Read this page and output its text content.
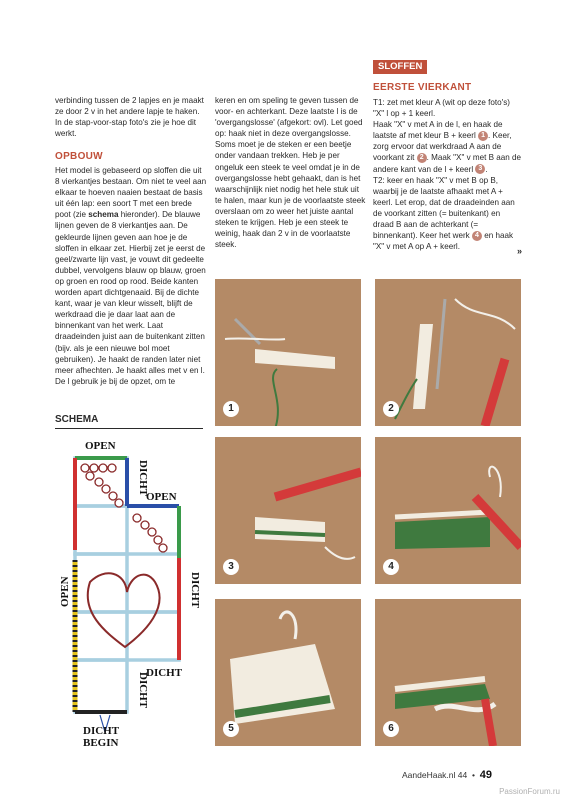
verbinding tussen de 2 lapjes en je maakt ze door 2 v in het andere lapje te haken. In de stap-voor-stap foto's zie je hoe dit werkt.

OPBOUW

Het model is gebaseerd op sloffen die uit 8 vierkantjes bestaan. Om niet te veel aan elkaar te hoeven naaien bestaat de basis uit één lap: een soort T met een brede poot (zie schema hieronder). De blauwe lijnen geven de 8 vierkantjes aan. De gekleurde lijnen geven aan hoe je de sloffen in elkaar zet. Hierbij zet je eerst de geel/zwarte lijn vast, je vouwt dit gedeelte dubbel, vervolgens blauw op blauw, groen op groen en rood op rood. Beide kanten worden apart dichtgenaaid. Bij de dichte kant, waar je van kleur wisselt, blijft de werkdraad die je daar laat aan de binnenkant van het werk. Laat draadeinden juist aan de buitenkant zitten (bijv. als je een nieuwe bol moet gebruiken). Je haakt de randen later niet meer afhechten. Je haakt alles met v en l. De l gebruik je bij de opzet, om te

keren en om speling te geven tussen de voor- en achterkant. Deze laatste l is de 'overgangslosse' (afgekort: ovl). Let goed op: haak niet in deze overgangslosse. Soms moet je de steken er een beetje onder vandaan trekken. Heb je per ongeluk een steek te veel omdat je in de overgangslosse hebt gehaakt, dan is het waarschijnlijk niet nodig het hele stuk uit te halen, maar kun je de voorlaatste steek overslaan om zo weer het juiste aantal steken te krijgen. Heb je een steek te weinig, haak dan 2 v in de voorlaatste steek.

SLOFFEN
EERSTE VIERKANT

T1: zet met kleur A (wit op deze foto's) "X" l op + 1 keerl.
Haak "X" v met A in de l, en haak de laatste af met kleur B + keerl 1 . Keer, zorg ervoor dat werkdraad A aan de voorkant zit 2 . Maak "X" v met B aan de andere kant van de l + keerl 3 .
T2: keer en haak "X" v met B op B, waarbij je de laatste afhaakt met A + keerl. Let erop, dat de draadeinden aan de voorkant zitten (= buitenkant) en draad B aan de achterkant (= binnenkant). Keer het werk 4 en haak "X" v met A op A + keerl.	»
SCHEMA
OPEN
OPEN
DICHT
DICHT
BEGIN
DICHT
DICHT
OPEN
DICHT
1	2
3	4
5	6
AandeHaak.nl 44  •  49
PassionForum.ru
